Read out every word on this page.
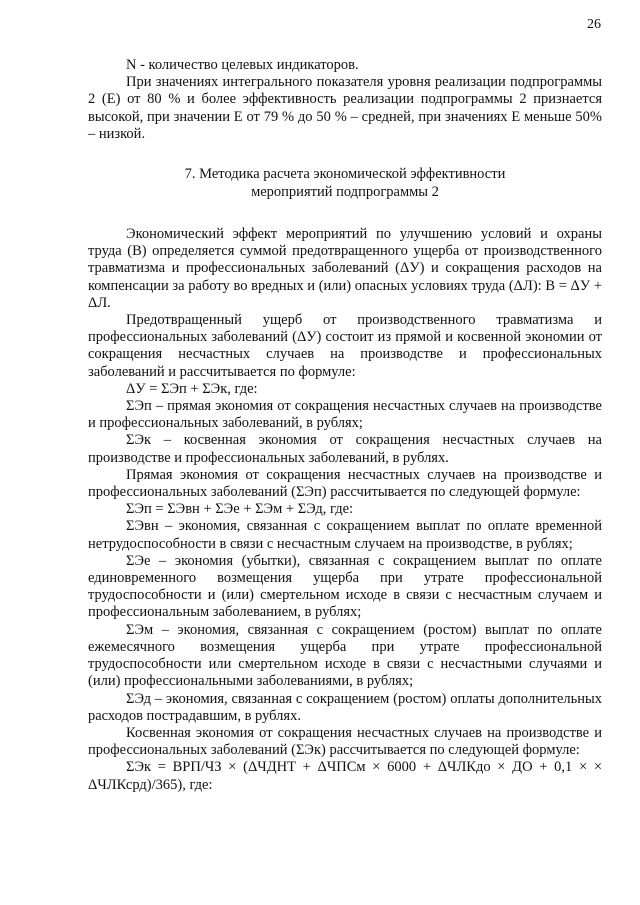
26

N - количество целевых индикаторов.

При значениях интегрального показателя уровня реализации подпрограммы 2 (Е) от 80 % и более эффективность реализации подпрограммы 2 признается высокой, при значении Е от 79 % до 50 % – средней, при значениях Е меньше 50% – низкой.

7. Методика расчета экономической эффективности
мероприятий подпрограммы 2

Экономический эффект мероприятий по улучшению условий и охраны труда (В) определяется суммой предотвращенного ущерба от производственного травматизма и профессиональных заболеваний (ΔУ) и сокращения расходов на компенсации за работу во вредных и (или) опасных условиях труда (ΔЛ): В = ΔУ + ΔЛ.

Предотвращенный ущерб от производственного травматизма и профессиональных заболеваний (ΔУ) состоит из прямой и косвенной экономии от сокращения несчастных случаев на производстве и профессиональных заболеваний и рассчитывается по формуле:

ΔУ = ΣЭп + ΣЭк, где:

ΣЭп – прямая экономия от сокращения несчастных случаев на производстве и профессиональных заболеваний, в рублях;

ΣЭк – косвенная экономия от сокращения несчастных случаев на производстве и профессиональных заболеваний, в рублях.

Прямая экономия от сокращения несчастных случаев на производстве и профессиональных заболеваний (ΣЭп) рассчитывается по следующей формуле:

ΣЭп = ΣЭвн + ΣЭе + ΣЭм + ΣЭд, где:

ΣЭвн – экономия, связанная с сокращением выплат по оплате временной нетрудоспособности в связи с несчастным случаем на производстве, в рублях;

ΣЭе – экономия (убытки), связанная с сокращением выплат по оплате единовременного возмещения ущерба при утрате профессиональной трудоспособности и (или) смертельном исходе в связи с несчастным случаем и профессиональным заболеванием, в рублях;

ΣЭм – экономия, связанная с сокращением (ростом) выплат по оплате ежемесячного возмещения ущерба при утрате профессиональной трудоспособности или смертельном исходе в связи с несчастными случаями и (или) профессиональными заболеваниями, в рублях;

ΣЭд – экономия, связанная с сокращением (ростом) оплаты дополнительных расходов пострадавшим, в рублях.

Косвенная экономия от сокращения несчастных случаев на производстве и профессиональных заболеваний (ΣЭк) рассчитывается по следующей формуле:

ΣЭк = ВРП/ЧЗ × (ΔЧДНТ + ΔЧПСм × 6000 + ΔЧЛКдо × ДО + 0,1 × × ΔЧЛКсрд)/365), где:
